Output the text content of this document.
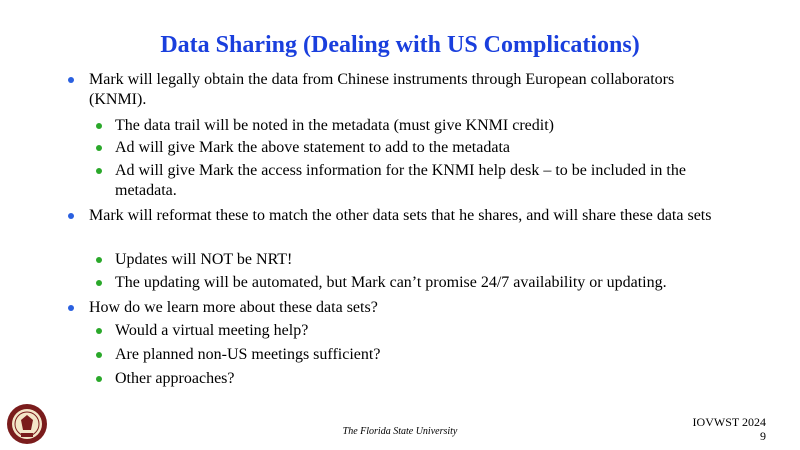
Data Sharing (Dealing with US Complications)
Mark will legally obtain the data from Chinese instruments through European collaborators (KNMI).
The data trail will be noted in the metadata (must give KNMI credit)
Ad will give Mark the above statement to add to the metadata
Ad will give Mark the access information for the KNMI help desk – to be included in the metadata.
Mark will reformat these to match the other data sets that he shares, and will share these data sets
Updates will NOT be NRT!
The updating will be automated, but Mark can’t promise 24/7 availability or updating.
How do we learn more about these data sets?
Would a virtual meeting help?
Are planned non-US meetings sufficient?
Other approaches?
The Florida State University
IOVWST 2024
9
